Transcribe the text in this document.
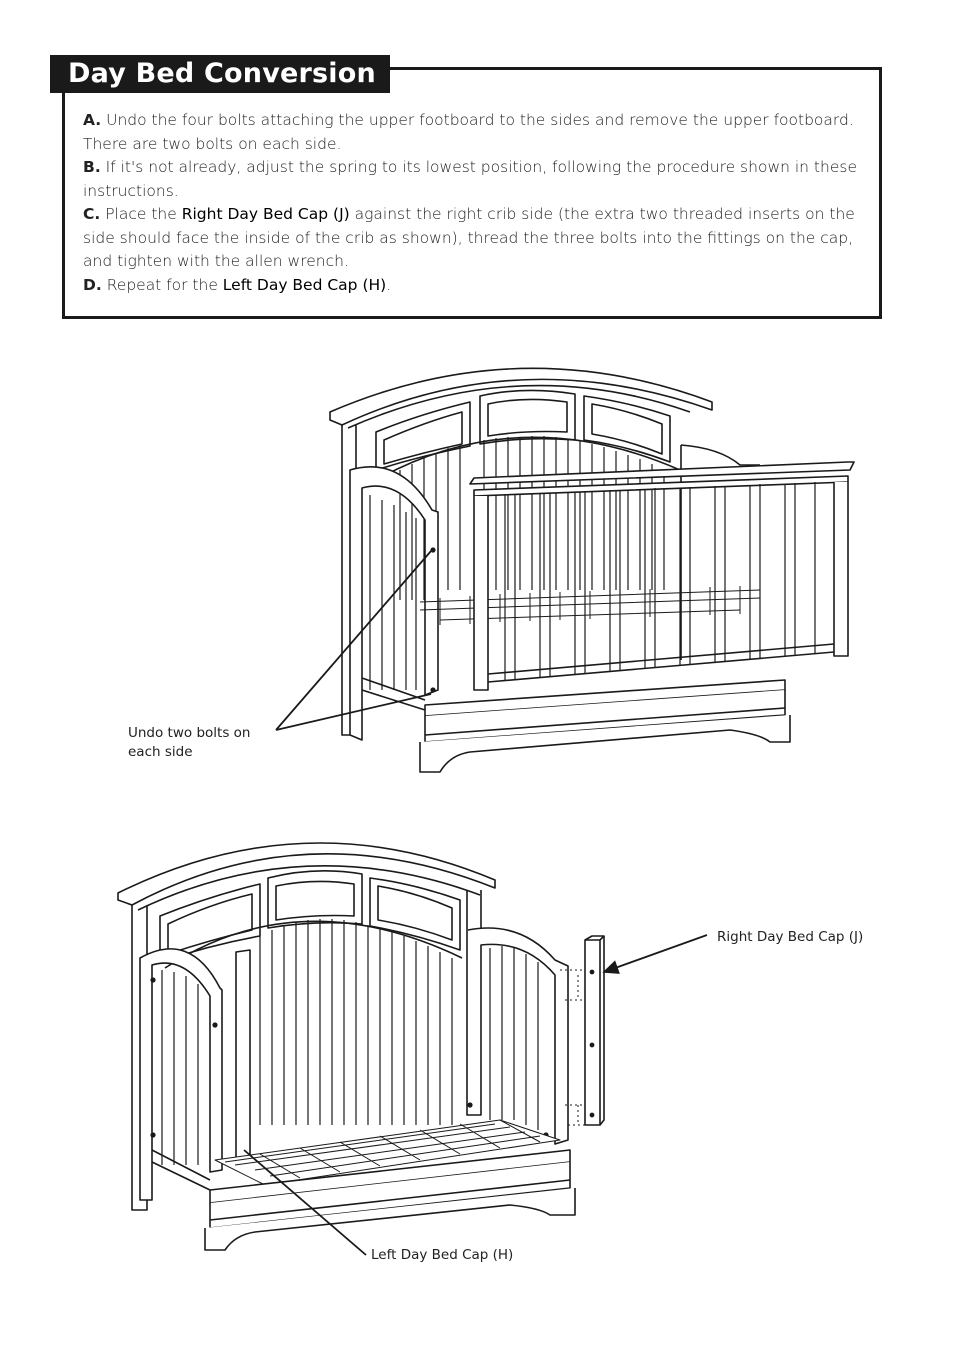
Day Bed Conversion

A. Undo the four bolts attaching the upper footboard to the sides and remove the upper footboard. There are two bolts on each side.

B. If it's not already, adjust the spring to its lowest position, following the procedure shown in these instructions.

C. Place the Right Day Bed Cap (J) against the right crib side (the extra two threaded inserts on the side should face the inside of the crib as shown), thread the three bolts into the fittings on the cap, and tighten with the allen wrench.

D. Repeat for the Left Day Bed Cap (H).

Undo two bolts on
each side
Right Day Bed Cap (J)
Left Day Bed Cap (H)
